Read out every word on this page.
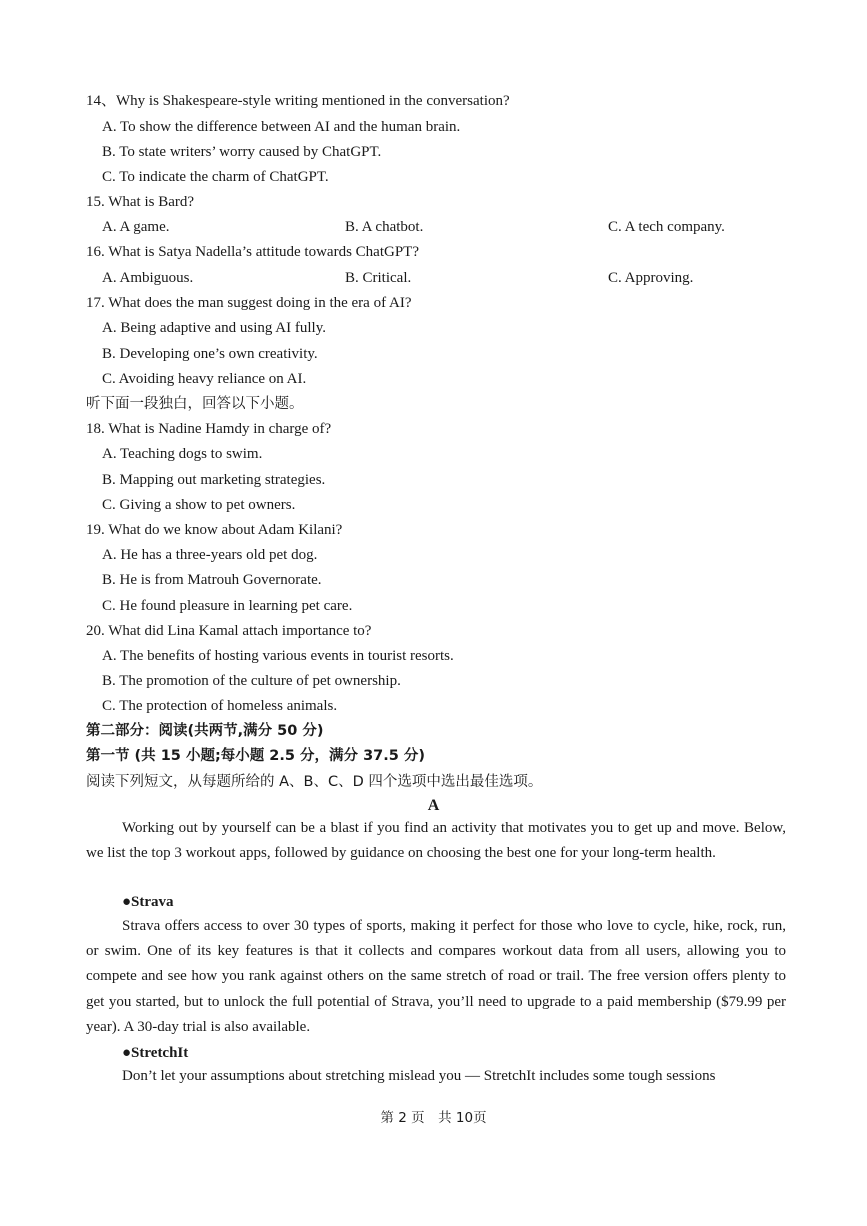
14、Why is Shakespeare-style writing mentioned in the conversation?
A. To show the difference between AI and the human brain.
B. To state writers’ worry caused by ChatGPT.
C. To indicate the charm of ChatGPT.
15. What is Bard?
A. A game.	B. A chatbot.	C. A tech company.
16. What is Satya Nadella’s attitude towards ChatGPT?
A. Ambiguous.	B. Critical.	C. Approving.
17. What does the man suggest doing in the era of AI?
A. Being adaptive and using AI fully.
B. Developing one’s own creativity.
C. Avoiding heavy reliance on AI.
听下面一段独白，回答以下小题。
18. What is Nadine Hamdy in charge of?
A. Teaching dogs to swim.
B. Mapping out marketing strategies.
C. Giving a show to pet owners.
19. What do we know about Adam Kilani?
A. He has a three-years old pet dog.
B. He is from Matrouh Governorate.
C. He found pleasure in learning pet care.
20. What did Lina Kamal attach importance to?
A. The benefits of hosting various events in tourist resorts.
B. The promotion of the culture of pet ownership.
C. The protection of homeless animals.
第二部分：阅读(共两节,满分 50 分)
第一节 (共 15 小题;每小题 2.5 分，满分 37.5 分)
阅读下列短文，从每题所给的 A、B、C、D 四个选项中选出最佳选项。
A
Working out by yourself can be a blast if you find an activity that motivates you to get up and move. Below, we list the top 3 workout apps, followed by guidance on choosing the best one for your long-term health.
●Strava
Strava offers access to over 30 types of sports, making it perfect for those who love to cycle, hike, rock, run, or swim. One of its key features is that it collects and compares workout data from all users, allowing you to compete and see how you rank against others on the same stretch of road or trail. The free version offers plenty to get you started, but to unlock the full potential of Strava, you’ll need to upgrade to a paid membership ($79.99 per year). A 30-day trial is also available.
●StretchIt
Don’t let your assumptions about stretching mislead you — StretchIt includes some tough sessions
第 2 页　共 10页
